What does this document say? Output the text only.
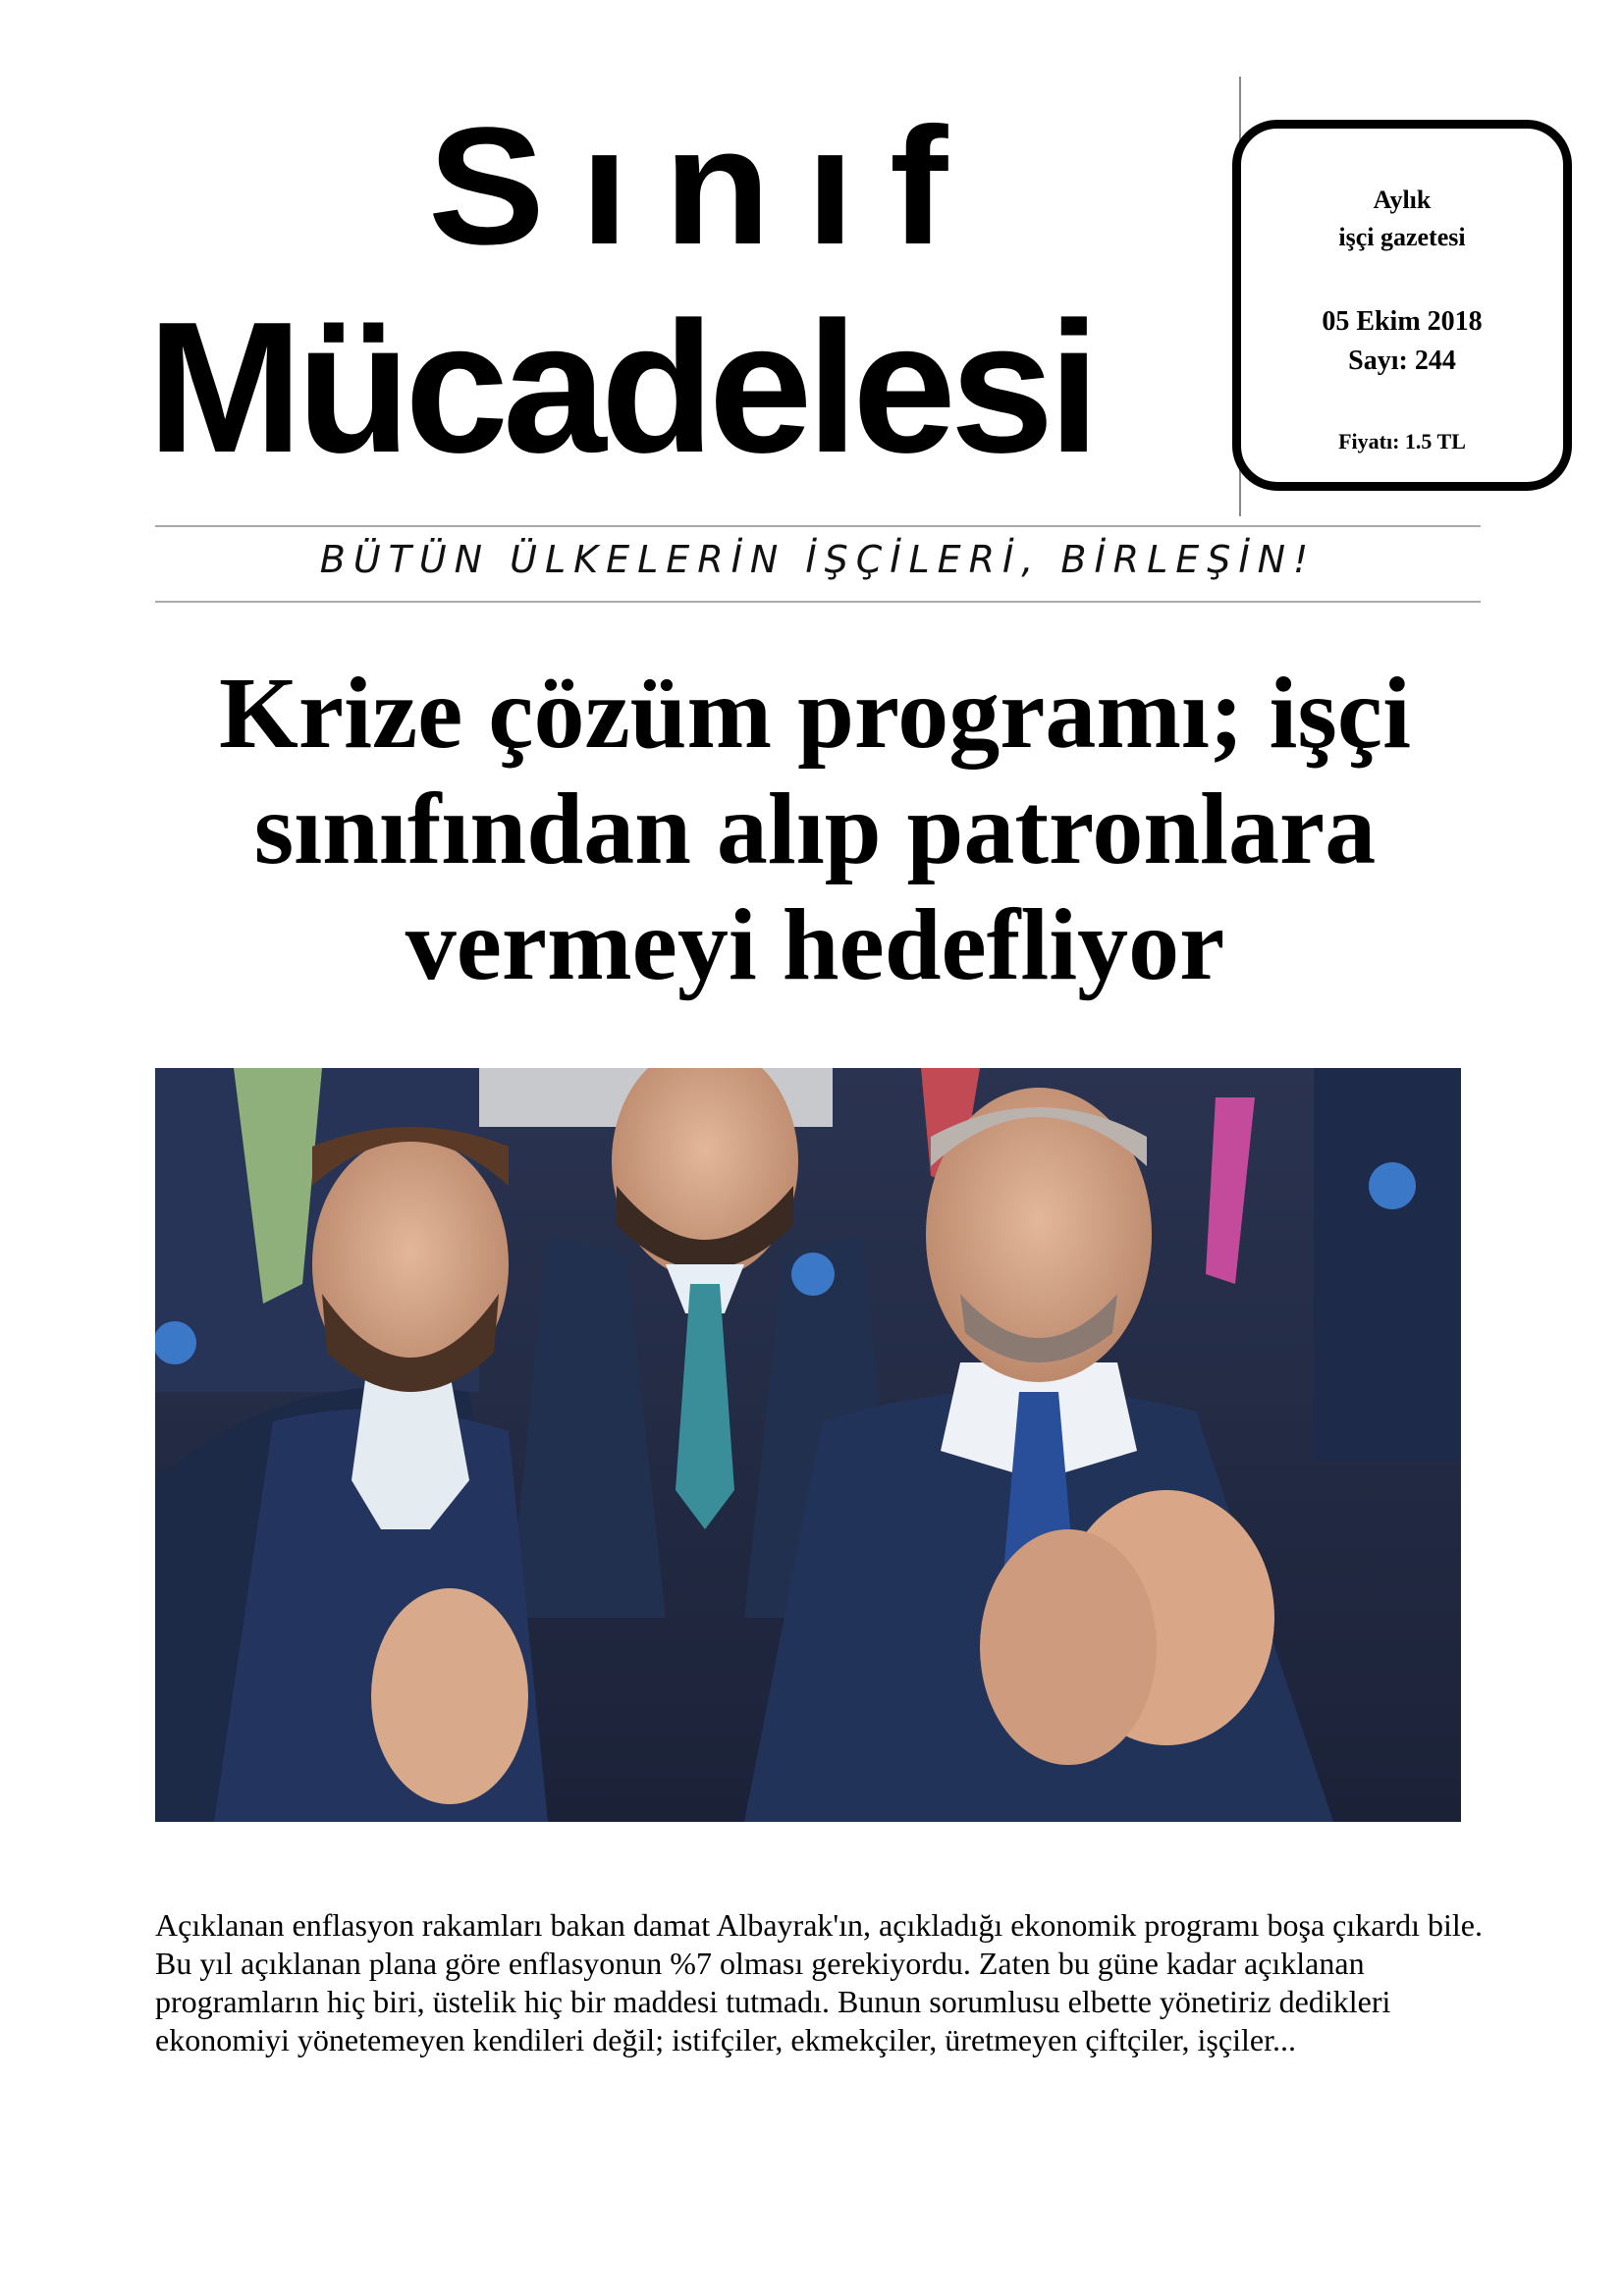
Sınıf
Mücadelesi
Aylık
işçi gazetesi
05 Ekim 2018
Sayı: 244
Fiyatı: 1.5 TL
BÜTÜN ÜLKELERİN İŞÇİLERİ, BİRLEŞİN!
Krize çözüm programı; işçi
sınıfından alıp patronlara
vermeyi hedefliyor
Açıklanan enflasyon rakamları bakan damat Albayrak'ın, açıkladığı ekonomik programı boşa çıkardı bile. Bu yıl açıklanan plana göre enflasyonun %7 olması gerekiyordu. Zaten bu güne kadar açıklanan programların hiç biri, üstelik hiç bir maddesi tutmadı. Bunun sorumlusu elbette yönetiriz dedikleri ekonomiyi yönetemeyen kendileri değil; istifçiler, ekmekçiler, üretmeyen çiftçiler, işçiler...
